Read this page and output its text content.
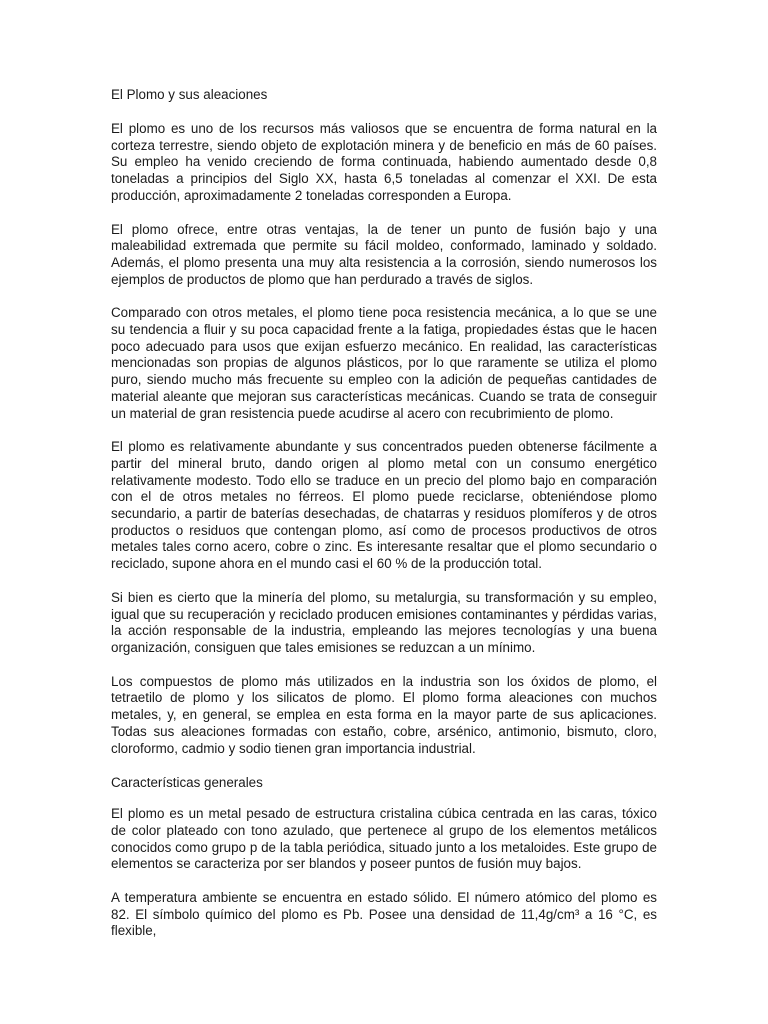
El Plomo y sus aleaciones

El plomo es uno de los recursos más valiosos que se encuentra de forma natural en la corteza terrestre, siendo objeto de explotación minera y de beneficio en más de 60 países. Su empleo ha venido creciendo de forma continuada, habiendo aumentado desde 0,8 toneladas a principios del Siglo XX, hasta 6,5 toneladas al comenzar el XXI. De esta producción, aproximadamente 2 toneladas corresponden a Europa.

El plomo ofrece, entre otras ventajas, la de tener un punto de fusión bajo y una maleabilidad extremada que permite su fácil moldeo, conformado, laminado y soldado. Además, el plomo presenta una muy alta resistencia a la corrosión, siendo numerosos los ejemplos de productos de plomo que han perdurado a través de siglos.

Comparado con otros metales, el plomo tiene poca resistencia mecánica, a lo que se une su tendencia a fluir y su poca capacidad frente a la fatiga, propiedades éstas que le hacen poco adecuado para usos que exijan esfuerzo mecánico. En realidad, las características mencionadas son propias de algunos plásticos, por lo que raramente se utiliza el plomo puro, siendo mucho más frecuente su empleo con la adición de pequeñas cantidades de material aleante que mejoran sus características mecánicas. Cuando se trata de conseguir un material de gran resistencia puede acudirse al acero con recubrimiento de plomo.

El plomo es relativamente abundante y sus concentrados pueden obtenerse fácilmente a partir del mineral bruto, dando origen al plomo metal con un consumo energético relativamente modesto. Todo ello se traduce en un precio del plomo bajo en comparación con el de otros metales no férreos. El plomo puede reciclarse, obteniéndose plomo secundario, a partir de baterías desechadas, de chatarras y residuos plomíferos y de otros productos o residuos que contengan plomo, así como de procesos productivos de otros metales tales corno acero, cobre o zinc. Es interesante resaltar que el plomo secundario o reciclado, supone ahora en el mundo casi el 60 % de la producción total.

Si bien es cierto que la minería del plomo, su metalurgia, su transformación y su empleo, igual que su recuperación y reciclado producen emisiones contaminantes y pérdidas varias, la acción responsable de la industria, empleando las mejores tecnologías y una buena organización, consiguen que tales emisiones se reduzcan a un mínimo.

Los compuestos de plomo más utilizados en la industria son los óxidos de plomo, el tetraetilo de plomo y los silicatos de plomo. El plomo forma aleaciones con muchos metales, y, en general, se emplea en esta forma en la mayor parte de sus aplicaciones. Todas sus aleaciones formadas con estaño, cobre, arsénico, antimonio, bismuto, cloro, cloroformo, cadmio y sodio tienen gran importancia industrial.

Características generales

El plomo es un metal pesado de estructura cristalina cúbica centrada en las caras, tóxico de color plateado con tono azulado, que pertenece al grupo de los elementos metálicos conocidos como grupo p de la tabla periódica, situado junto a los metaloides. Este grupo de elementos se caracteriza por ser blandos y poseer puntos de fusión muy bajos.

A temperatura ambiente se encuentra en estado sólido. El número atómico del plomo es 82. El símbolo químico del plomo es Pb. Posee una densidad de 11,4g/cm³ a 16 °C, es flexible,
